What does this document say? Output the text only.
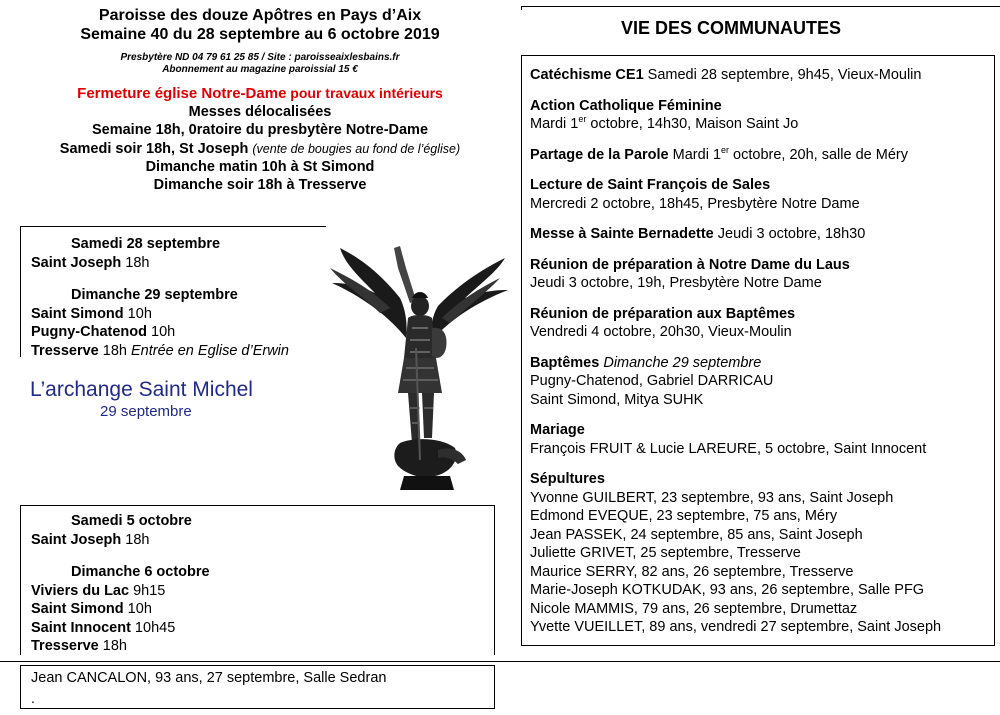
Paroisse des douze Apôtres en Pays d’Aix
Semaine 40 du 28 septembre au 6 octobre 2019
Presbytère ND 04 79 61 25 85 / Site : paroisseaixlesbains.fr
Abonnement au magazine paroissial 15 €
Fermeture église Notre-Dame pour travaux intérieurs
Messes délocalisées
Semaine 18h, 0ratoire du presbytère Notre-Dame
Samedi soir 18h, St Joseph (vente de bougies au fond de l’église)
Dimanche matin 10h à St Simond
Dimanche soir 18h à Tresserve
Samedi 28 septembre
Saint Joseph 18h
Dimanche 29 septembre
Saint Simond 10h
Pugny-Chatenod 10h
Tresserve 18h Entrée en Eglise d’Erwin
L’archange Saint Michel
29 septembre
Samedi 5 octobre
Saint Joseph 18h
Dimanche 6 octobre
Viviers du Lac 9h15
Saint Simond 10h
Saint Innocent 10h45
Tresserve 18h
Jean CANCALON, 93 ans, 27 septembre, Salle Sedran
.
VIE DES COMMUNAUTES
Catéchisme CE1 Samedi 28 septembre, 9h45, Vieux-Moulin
Action Catholique Féminine
Mardi 1er octobre, 14h30, Maison Saint Jo
Partage de la Parole Mardi 1er octobre, 20h, salle de Méry
Lecture de Saint François de Sales
Mercredi 2 octobre, 18h45, Presbytère Notre Dame
Messe à Sainte Bernadette Jeudi 3 octobre, 18h30
Réunion de préparation à Notre Dame du Laus
Jeudi 3 octobre, 19h, Presbytère Notre Dame
Réunion de préparation aux Baptêmes
Vendredi 4 octobre, 20h30, Vieux-Moulin
Baptêmes Dimanche 29 septembre
Pugny-Chatenod, Gabriel DARRICAU
Saint Simond, Mitya SUHK
Mariage
François FRUIT & Lucie LAREURE, 5 octobre, Saint Innocent
Sépultures
Yvonne GUILBERT, 23 septembre, 93 ans, Saint Joseph
Edmond EVEQUE, 23 septembre, 75 ans, Méry
Jean PASSEK, 24 septembre, 85 ans, Saint Joseph
Juliette GRIVET, 25 septembre, Tresserve
Maurice SERRY, 82 ans, 26 septembre, Tresserve
Marie-Joseph KOTKUDAK, 93 ans, 26 septembre, Salle PFG
Nicole MAMMIS, 79 ans, 26 septembre, Drumettaz
Yvette VUEILLET, 89 ans, vendredi 27 septembre, Saint Joseph
